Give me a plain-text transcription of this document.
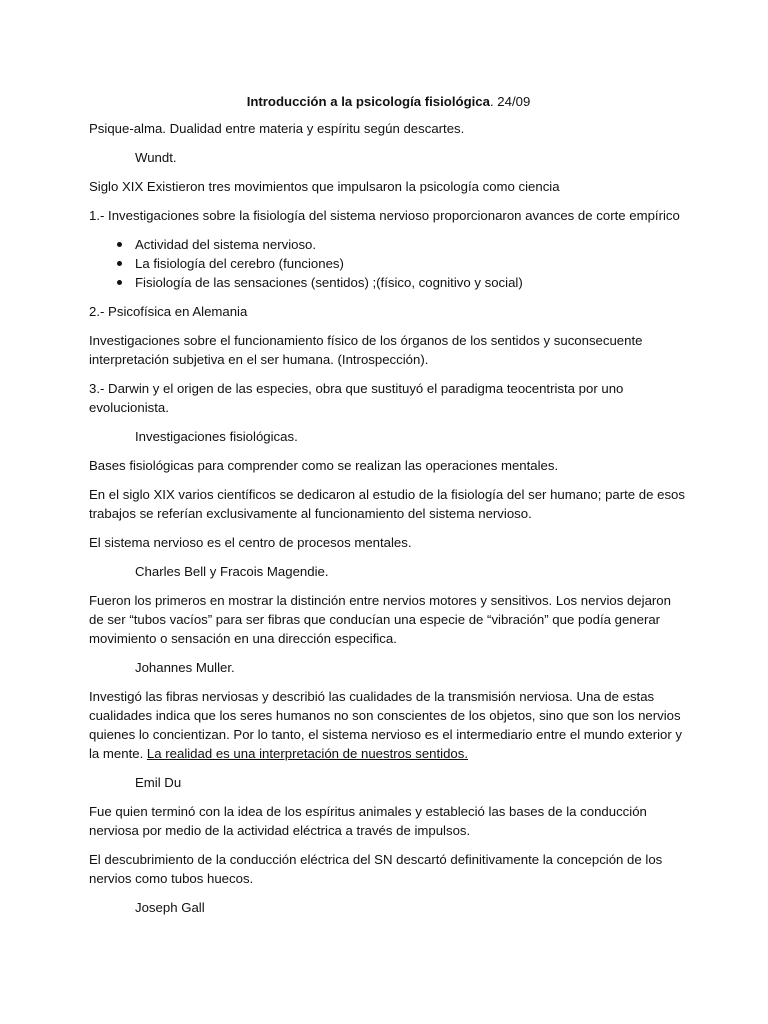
Introducción a la psicología fisiológica. 24/09

Psique-alma. Dualidad entre materia y espíritu según descartes.

Wundt.

Siglo XIX Existieron tres movimientos que impulsaron la psicología como ciencia

1.- Investigaciones sobre la fisiología del sistema nervioso proporcionaron avances de corte empírico

Actividad del sistema nervioso.
La fisiología del cerebro (funciones)
Fisiología de las sensaciones (sentidos) ;(físico, cognitivo y social)

2.- Psicofísica en Alemania

Investigaciones sobre el funcionamiento físico de los órganos de los sentidos y suconsecuente interpretación subjetiva en el ser humana. (Introspección).

3.- Darwin y el origen de las especies, obra que sustituyó el paradigma teocentrista por uno evolucionista.

Investigaciones fisiológicas.

Bases fisiológicas para comprender como se realizan las operaciones mentales.

En el siglo XIX varios científicos se dedicaron al estudio de la fisiología del ser humano; parte de esos trabajos se referían exclusivamente al funcionamiento del sistema nervioso.

El sistema nervioso es el centro de procesos mentales.

Charles Bell y Fracois Magendie.

Fueron los primeros en mostrar la distinción entre nervios motores y sensitivos. Los nervios dejaron de ser “tubos vacíos” para ser fibras que conducían una especie de “vibración” que podía generar movimiento o sensación en una dirección especifica.

Johannes Muller.

Investigó las fibras nerviosas y describió las cualidades de la transmisión nerviosa. Una de estas cualidades indica que los seres humanos no son conscientes de los objetos, sino que son los nervios quienes lo concientizan. Por lo tanto, el sistema nervioso es el intermediario entre el mundo exterior y la mente. La realidad es una interpretación de nuestros sentidos.

Emil Du

Fue quien terminó con la idea de los espíritus animales y estableció las bases de la conducción nerviosa por medio de la actividad eléctrica a través de impulsos.

El descubrimiento de la conducción eléctrica del SN descartó definitivamente la concepción de los nervios como tubos huecos.

Joseph Gall
